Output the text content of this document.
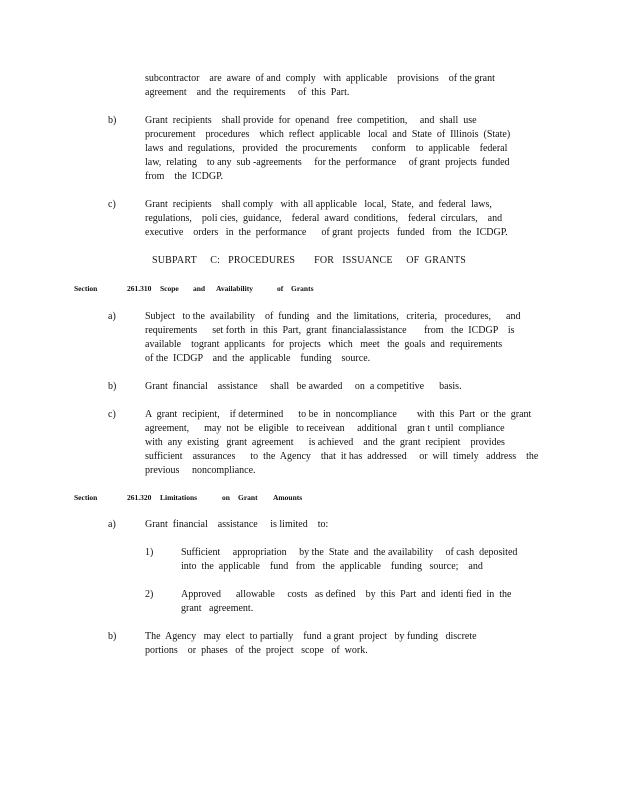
subcontractor    are  aware  of and  comply   with  applicable    provisions    of the grant
agreement    and  the  requirements     of  this  Part.
b)	Grant  recipients    shall provide  for  openand   free  competition,     and  shall  use
procurement    procedures    which  reflect  applicable   local  and  State  of  Illinois  (State)
laws  and  regulations,   provided   the  procurements      conform    to  applicable    federal
law,  relating    to any  sub -agreements     for the  performance     of grant  projects  funded
from    the  ICDGP.
c)	Grant  recipients    shall comply   with  all applicable   local,  State,  and  federal  laws,
regulations,    poli cies,  guidance,    federal  award  conditions,    federal  circulars,    and
executive    orders   in  the  performance      of grant  projects   funded   from   the  ICDGP.
SUBPART     C:   PROCEDURES       FOR   ISSUANCE     OF  GRANTS
Section	261.310 Scope and Availability	of Grants
a)	Subject   to the  availability    of  funding   and  the  limitations,   criteria,   procedures,      and
requirements      set forth  in  this  Part,  grant  financialassistance       from   the  ICDGP    is
available    togrant  applicants   for  projects   which   meet   the  goals  and  requirements
of the  ICDGP    and  the  applicable    funding    source.
b)	Grant  financial    assistance     shall   be awarded     on  a competitive      basis.
c)	A  grant  recipient,    if determined      to be  in  noncompliance        with  this  Part  or  the  grant
agreement,      may  not  be  eligible   to receivean     additional    gran t  until  compliance
with  any  existing   grant  agreement      is achieved    and  the  grant  recipient    provides
sufficient    assurances      to  the  Agency    that  it has  addressed     or  will  timely   address    the
previous     noncompliance.
Section	261.320 Limitations	on Grant Amounts
a)	Grant  financial    assistance     is limited    to:
1)	Sufficient     appropriation     by the  State  and  the availability     of cash  deposited
into  the  applicable    fund   from   the  applicable    funding   source;    and
2)	Approved      allowable     costs   as defined    by  this  Part  and  identi fied  in  the
grant   agreement.
b)	The  Agency   may  elect  to partially    fund  a grant  project   by funding   discrete
portions    or  phases   of  the  project   scope   of  work.
